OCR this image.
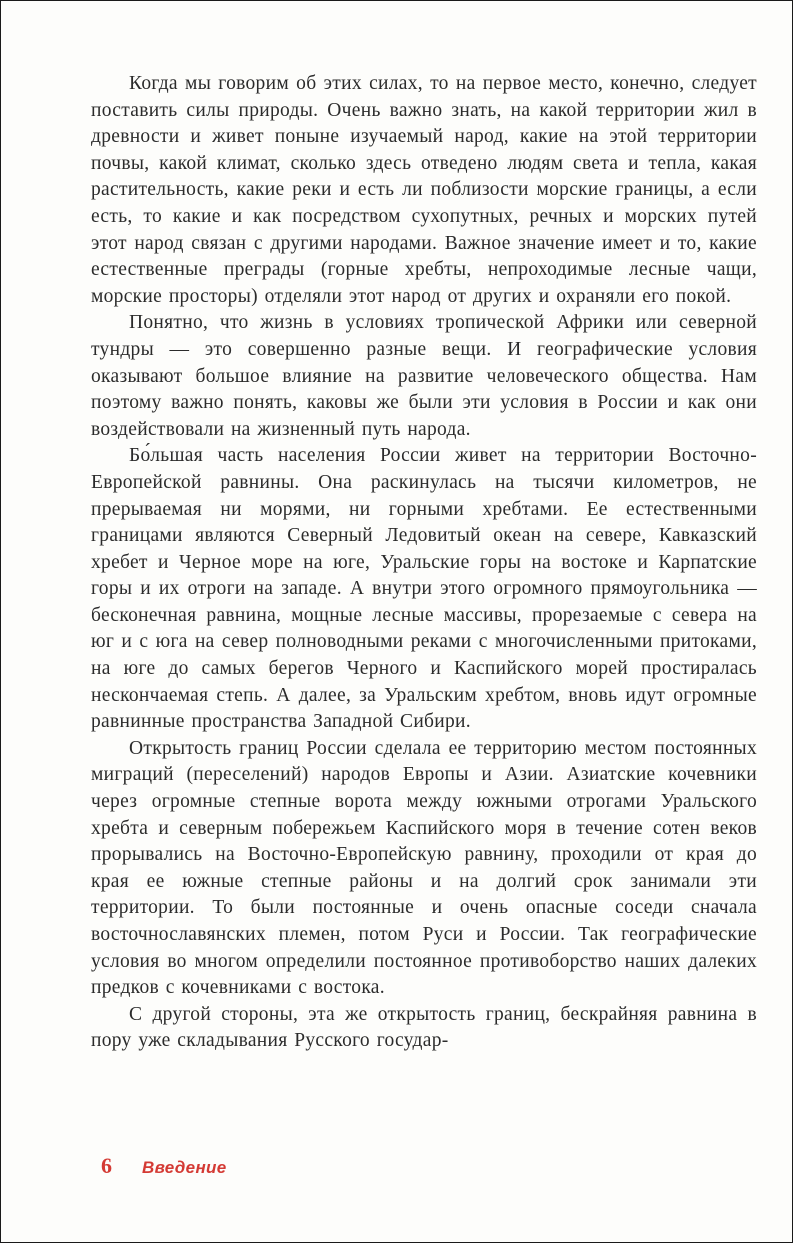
Когда мы говорим об этих силах, то на первое место, конечно, следует поставить силы природы. Очень важно знать, на какой территории жил в древности и живет поныне изучаемый народ, какие на этой территории почвы, какой климат, сколько здесь отведено людям света и тепла, какая растительность, какие реки и есть ли поблизости морские границы, а если есть, то какие и как посредством сухопутных, речных и морских путей этот народ связан с другими народами. Важное значение имеет и то, какие естественные преграды (горные хребты, непроходимые лесные чащи, морские просторы) отделяли этот народ от других и охраняли его покой.

Понятно, что жизнь в условиях тропической Африки или северной тундры — это совершенно разные вещи. И географические условия оказывают большое влияние на развитие человеческого общества. Нам поэтому важно понять, каковы же были эти условия в России и как они воздействовали на жизненный путь народа.

Бо́льшая часть населения России живет на территории Восточно-Европейской равнины. Она раскинулась на тысячи километров, не прерываемая ни морями, ни горными хребтами. Ее естественными границами являются Северный Ледовитый океан на севере, Кавказский хребет и Черное море на юге, Уральские горы на востоке и Карпатские горы и их отроги на западе. А внутри этого огромного прямоугольника — бесконечная равнина, мощные лесные массивы, прорезаемые с севера на юг и с юга на север полноводными реками с многочисленными притоками, на юге до самых берегов Черного и Каспийского морей простиралась нескончаемая степь. А далее, за Уральским хребтом, вновь идут огромные равнинные пространства Западной Сибири.

Открытость границ России сделала ее территорию местом постоянных миграций (переселений) народов Европы и Азии. Азиатские кочевники через огромные степные ворота между южными отрогами Уральского хребта и северным побережьем Каспийского моря в течение сотен веков прорывались на Восточно-Европейскую равнину, проходили от края до края ее южные степные районы и на долгий срок занимали эти территории. То были постоянные и очень опасные соседи сначала восточнославянских племен, потом Руси и России. Так географические условия во многом определили постоянное противоборство наших далеких предков с кочевниками с востока.

С другой стороны, эта же открытость границ, бескрайняя равнина в пору уже складывания Русского государ-

6 Введение
